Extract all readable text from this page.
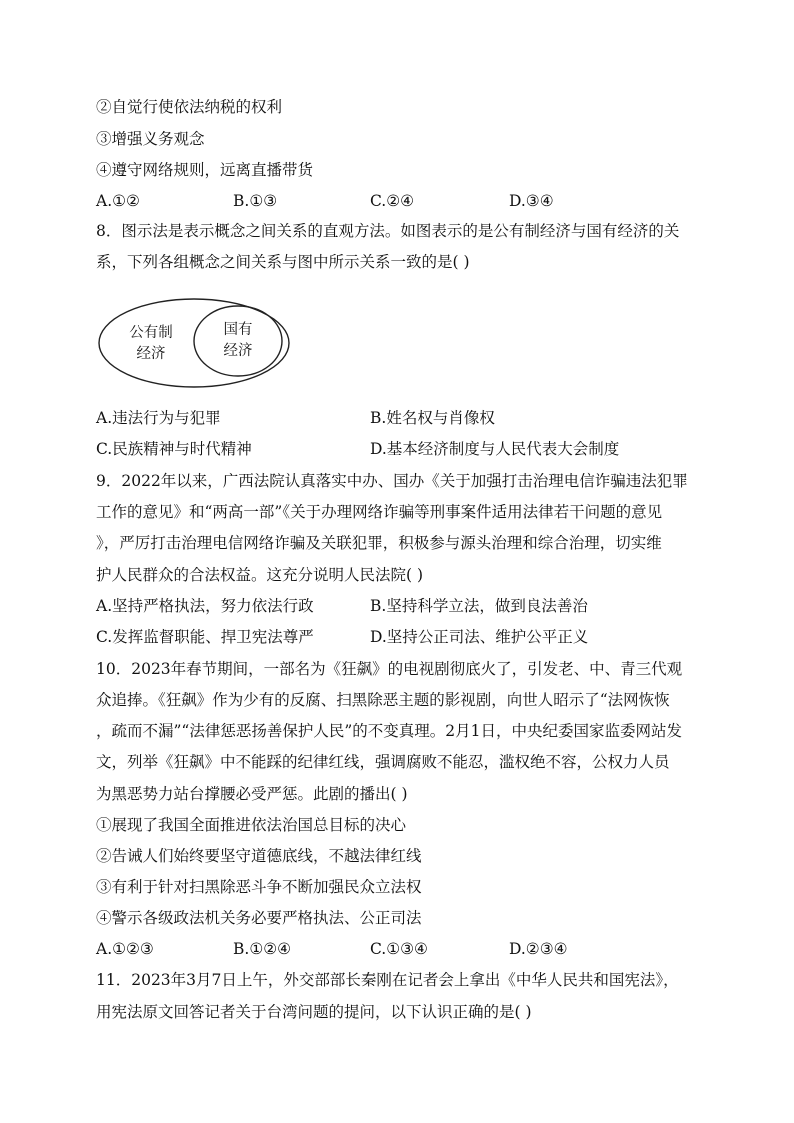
②自觉行使依法纳税的权利
③增强义务观念
④遵守网络规则，远离直播带货
A.①②	B.①③	C.②④	D.③④
8．图示法是表示概念之间关系的直观方法。如图表示的是公有制经济与国有经济的关
系，下列各组概念之间关系与图中所示关系一致的是( )
公有制
经济
国有
经济
A.违法行为与犯罪	B.姓名权与肖像权
C.民族精神与时代精神	D.基本经济制度与人民代表大会制度
9．2022年以来，广西法院认真落实中办、国办《关于加强打击治理电信诈骗违法犯罪
工作的意见》和“两高一部”《关于办理网络诈骗等刑事案件适用法律若干问题的意见
》，严厉打击治理电信网络诈骗及关联犯罪，积极参与源头治理和综合治理，切实维
护人民群众的合法权益。这充分说明人民法院( )
A.坚持严格执法，努力依法行政	B.坚持科学立法，做到良法善治
C.发挥监督职能、捍卫宪法尊严	D.坚持公正司法、维护公平正义
10．2023年春节期间，一部名为《狂飙》的电视剧彻底火了，引发老、中、青三代观
众追捧。《狂飙》作为少有的反腐、扫黑除恶主题的影视剧，向世人昭示了“法网恢恢
，疏而不漏”“法律惩恶扬善保护人民”的不变真理。2月1日，中央纪委国家监委网站发
文，列举《狂飙》中不能踩的纪律红线，强调腐败不能忍，滥权绝不容，公权力人员
为黑恶势力站台撑腰必受严惩。此剧的播出( )
①展现了我国全面推进依法治国总目标的决心
②告诫人们始终要坚守道德底线，不越法律红线
③有利于针对扫黑除恶斗争不断加强民众立法权
④警示各级政法机关务必要严格执法、公正司法
A.①②③	B.①②④	C.①③④	D.②③④
11．2023年3月7日上午，外交部部长秦刚在记者会上拿出《中华人民共和国宪法》，
用宪法原文回答记者关于台湾问题的提问，以下认识正确的是( )
